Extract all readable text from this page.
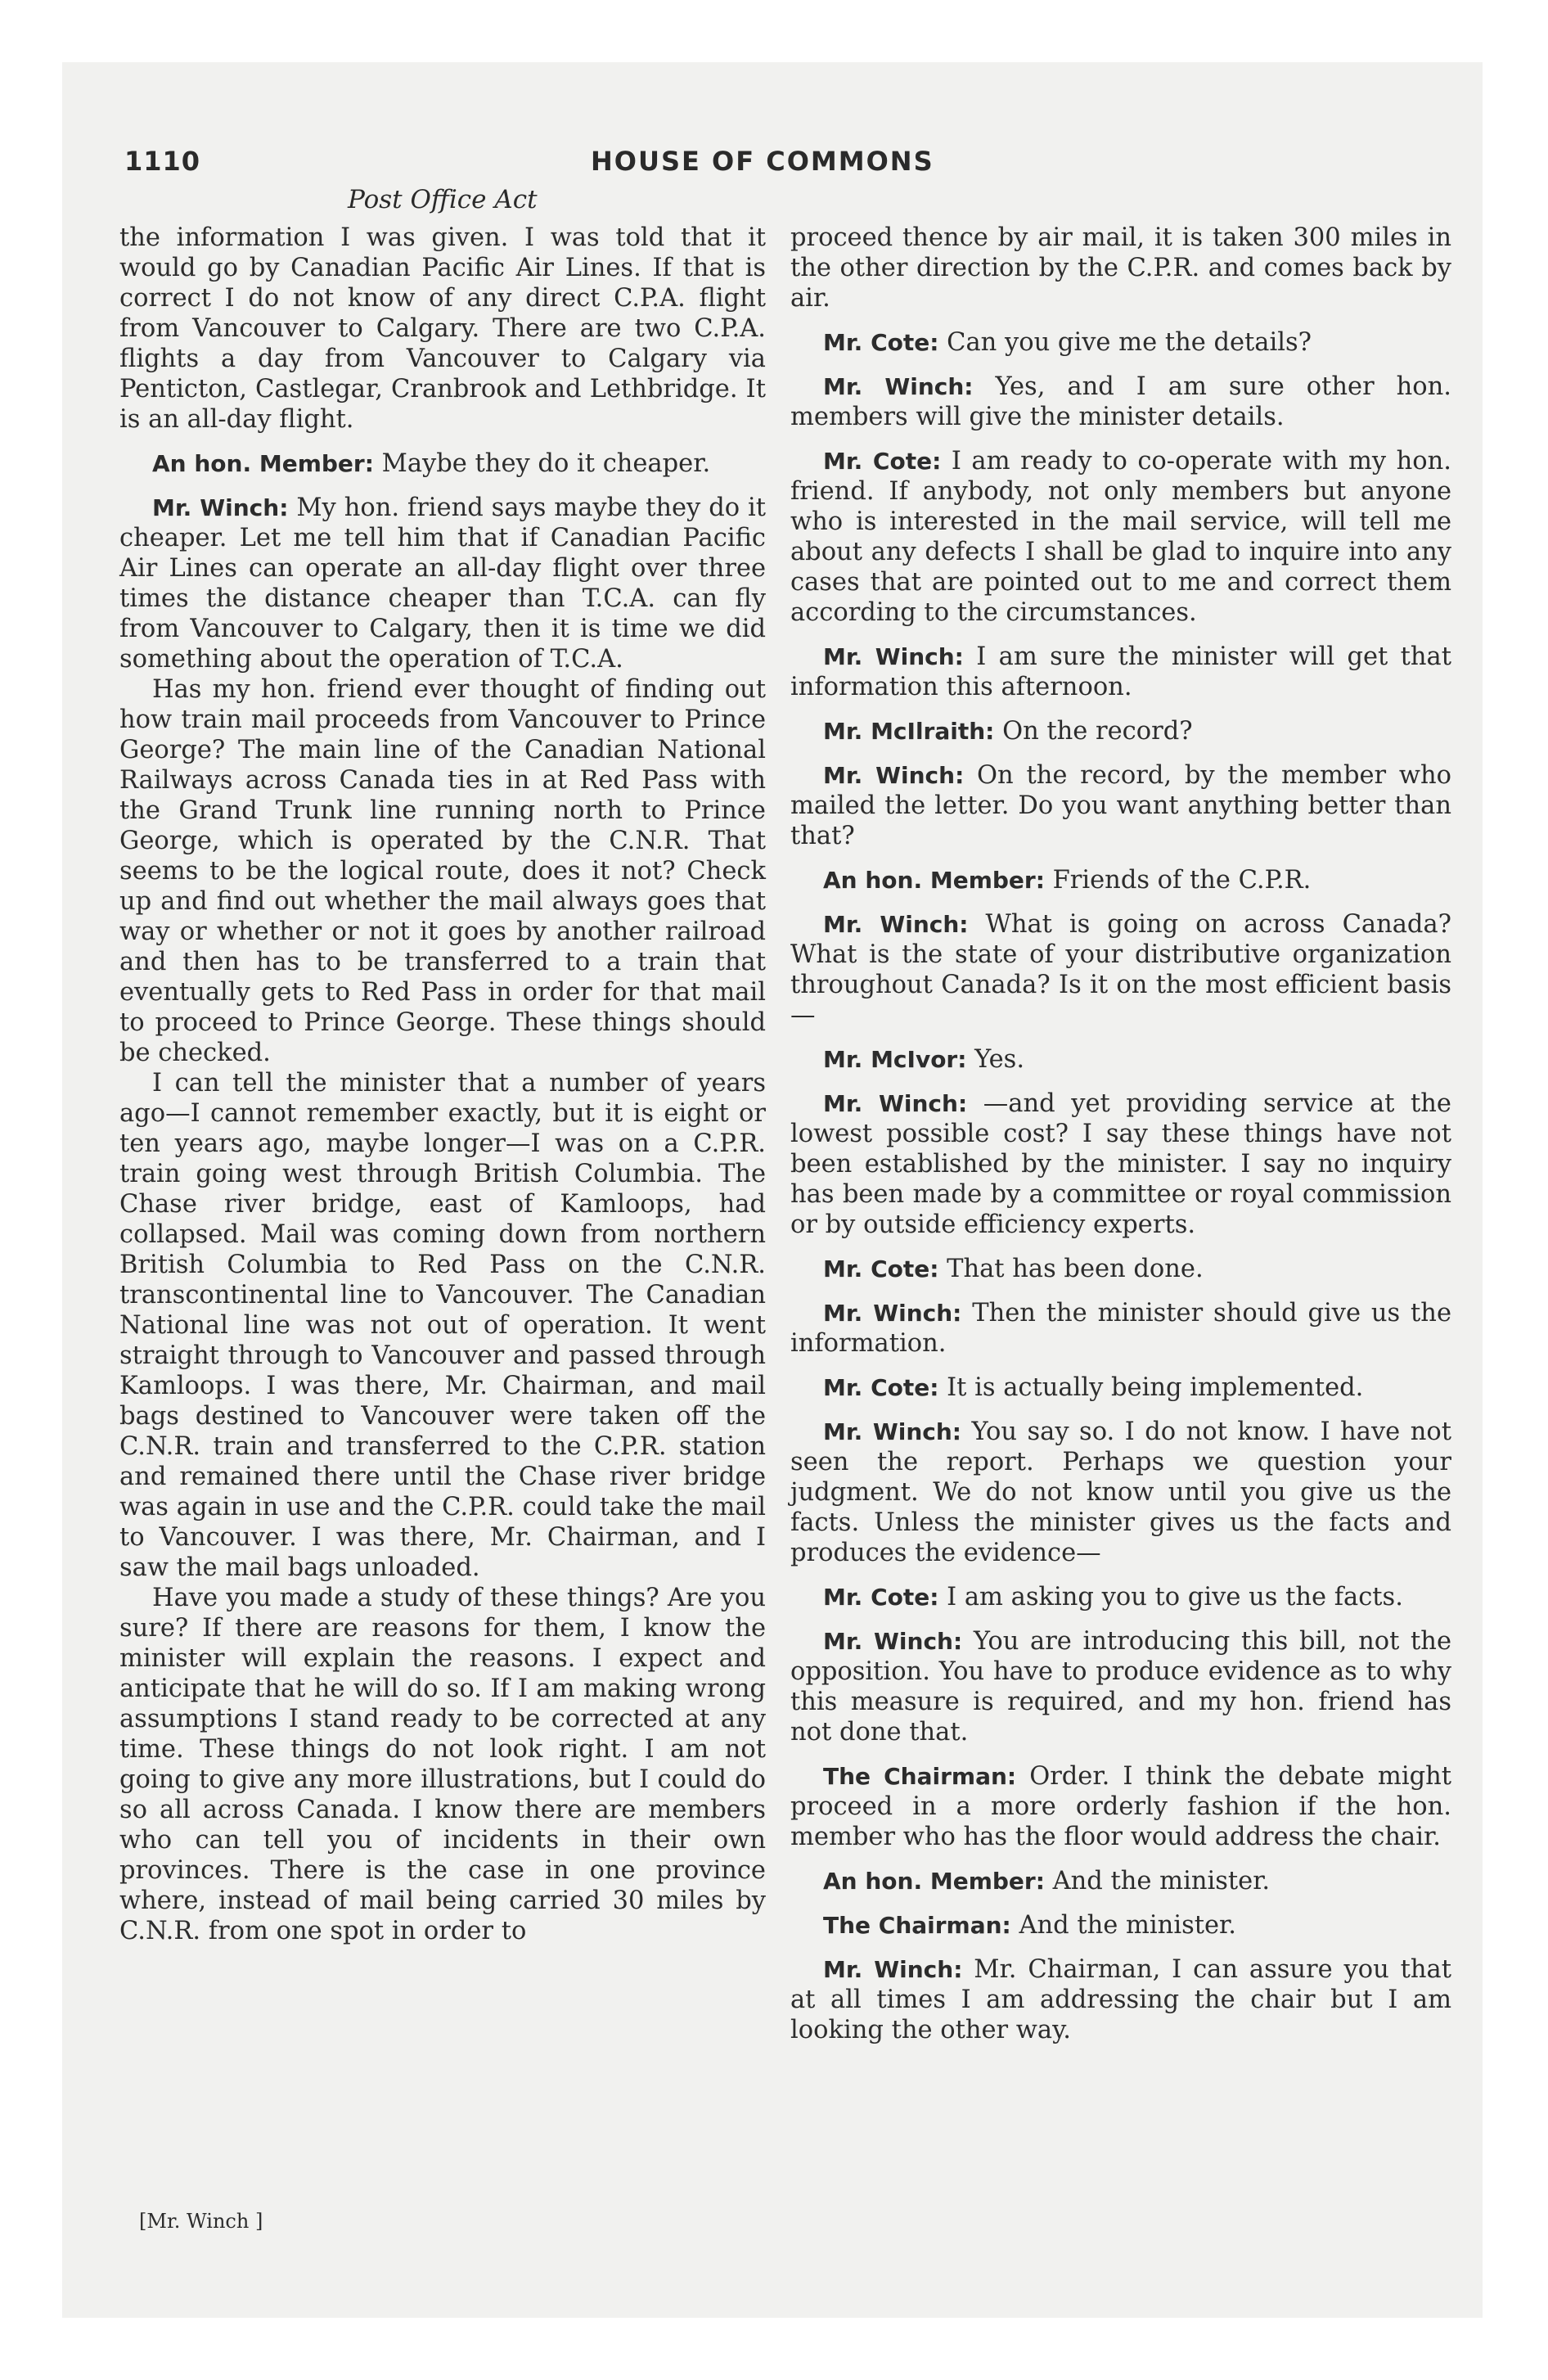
1110	HOUSE OF COMMONS
Post Office Act

the information I was given. I was told that it would go by Canadian Pacific Air Lines. If that is correct I do not know of any direct C.P.A. flight from Vancouver to Calgary. There are two C.P.A. flights a day from Vancouver to Calgary via Penticton, Castlegar, Cranbrook and Lethbridge. It is an all-day flight.

An hon. Member: Maybe they do it cheaper.

Mr. Winch: My hon. friend says maybe they do it cheaper. Let me tell him that if Canadian Pacific Air Lines can operate an all-day flight over three times the distance cheaper than T.C.A. can fly from Vancouver to Calgary, then it is time we did something about the operation of T.C.A.

Has my hon. friend ever thought of finding out how train mail proceeds from Vancouver to Prince George? The main line of the Canadian National Railways across Canada ties in at Red Pass with the Grand Trunk line running north to Prince George, which is operated by the C.N.R. That seems to be the logical route, does it not? Check up and find out whether the mail always goes that way or whether or not it goes by another railroad and then has to be transferred to a train that eventually gets to Red Pass in order for that mail to proceed to Prince George. These things should be checked.

I can tell the minister that a number of years ago—I cannot remember exactly, but it is eight or ten years ago, maybe longer—I was on a C.P.R. train going west through British Columbia. The Chase river bridge, east of Kamloops, had collapsed. Mail was coming down from northern British Columbia to Red Pass on the C.N.R. transcontinental line to Vancouver. The Canadian National line was not out of operation. It went straight through to Vancouver and passed through Kamloops. I was there, Mr. Chairman, and mail bags destined to Vancouver were taken off the C.N.R. train and transferred to the C.P.R. station and remained there until the Chase river bridge was again in use and the C.P.R. could take the mail to Vancouver. I was there, Mr. Chairman, and I saw the mail bags unloaded.

Have you made a study of these things? Are you sure? If there are reasons for them, I know the minister will explain the reasons. I expect and anticipate that he will do so. If I am making wrong assumptions I stand ready to be corrected at any time. These things do not look right. I am not going to give any more illustrations, but I could do so all across Canada. I know there are members who can tell you of incidents in their own provinces. There is the case in one province where, instead of mail being carried 30 miles by C.N.R. from one spot in order to

proceed thence by air mail, it is taken 300 miles in the other direction by the C.P.R. and comes back by air.

Mr. Cote: Can you give me the details?

Mr. Winch: Yes, and I am sure other hon. members will give the minister details.

Mr. Cote: I am ready to co-operate with my hon. friend. If anybody, not only members but anyone who is interested in the mail service, will tell me about any defects I shall be glad to inquire into any cases that are pointed out to me and correct them according to the circumstances.

Mr. Winch: I am sure the minister will get that information this afternoon.

Mr. McIlraith: On the record?

Mr. Winch: On the record, by the member who mailed the letter. Do you want anything better than that?

An hon. Member: Friends of the C.P.R.

Mr. Winch: What is going on across Canada? What is the state of your distributive organization throughout Canada? Is it on the most efficient basis—

Mr. McIvor: Yes.

Mr. Winch: —and yet providing service at the lowest possible cost? I say these things have not been established by the minister. I say no inquiry has been made by a committee or royal commission or by outside efficiency experts.

Mr. Cote: That has been done.

Mr. Winch: Then the minister should give us the information.

Mr. Cote: It is actually being implemented.

Mr. Winch: You say so. I do not know. I have not seen the report. Perhaps we question your judgment. We do not know until you give us the facts. Unless the minister gives us the facts and produces the evidence—

Mr. Cote: I am asking you to give us the facts.

Mr. Winch: You are introducing this bill, not the opposition. You have to produce evidence as to why this measure is required, and my hon. friend has not done that.

The Chairman: Order. I think the debate might proceed in a more orderly fashion if the hon. member who has the floor would address the chair.

An hon. Member: And the minister.

The Chairman: And the minister.

Mr. Winch: Mr. Chairman, I can assure you that at all times I am addressing the chair but I am looking the other way.

[Mr. Winch ]
